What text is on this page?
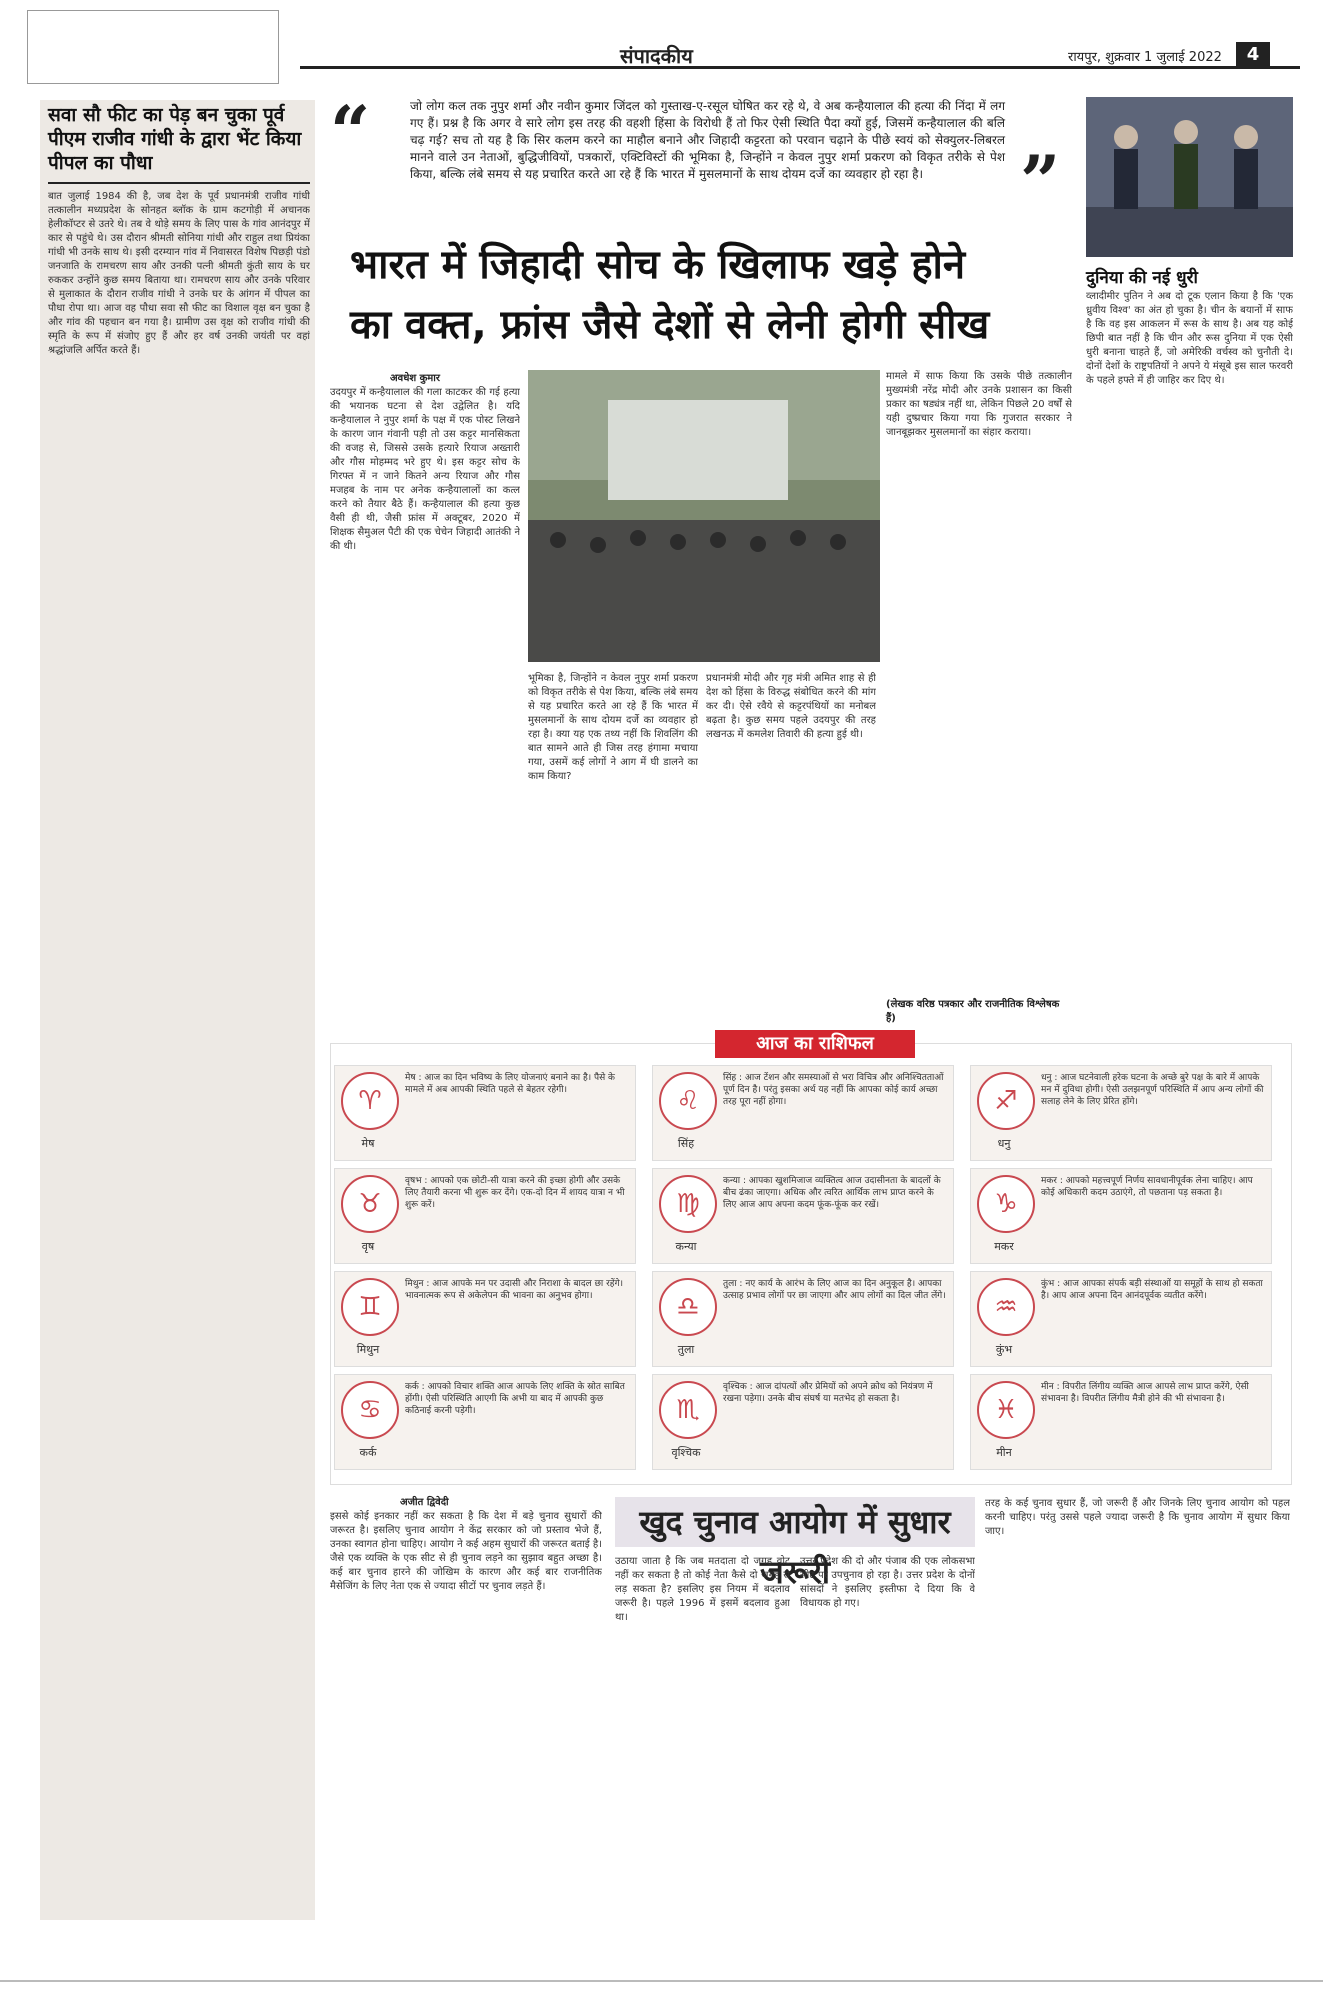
संपादकीय	रायपुर, शुक्रवार 1 जुलाई 2022	4
सवा सौ फीट का पेड़ बन चुका पूर्व पीएम राजीव गांधी के द्वारा भेंट किया पीपल का पौधा
बात जुलाई 1984 की है, जब देश के पूर्व प्रधानमंत्री राजीव गांधी तत्कालीन मध्यप्रदेश के सोनहत ब्लॉक के ग्राम कटगोड़ी में अचानक हेलीकॉप्टर से उतरे थे। तब वे थोड़े समय के लिए पास के गांव आनंदपुर में कार से पहुंचे थे। उस दौरान श्रीमती सोनिया गांधी और राहुल तथा प्रियंका गांधी भी उनके साथ थे। इसी दरम्यान गांव में निवासरत विशेष पिछड़ी पंडो जनजाति के रामचरण साय और उनकी पत्नी श्रीमती कुंती साय के घर रुककर उन्होंने कुछ समय बिताया था। रामचरण साय और उनके परिवार से मुलाकात के दौरान राजीव गांधी ने उनके घर के आंगन में पीपल का पौधा रोपा था। आज वह पौधा सवा सौ फीट का विशाल वृक्ष बन चुका है और गांव की पहचान बन गया है। ग्रामीण उस वृक्ष को राजीव गांधी की स्मृति के रूप में संजोए हुए हैं और हर वर्ष उनकी जयंती पर वहां श्रद्धांजलि अर्पित करते हैं।
“
”
जो लोग कल तक नुपुर शर्मा और नवीन कुमार जिंदल को गुस्ताख-ए-रसूल घोषित कर रहे थे, वे अब कन्हैयालाल की हत्या की निंदा में लग गए हैं। प्रश्न है कि अगर वे सारे लोग इस तरह की वहशी हिंसा के विरोधी हैं तो फिर ऐसी स्थिति पैदा क्यों हुई, जिसमें कन्हैयालाल की बलि चढ़ गई? सच तो यह है कि सिर कलम करने का माहौल बनाने और जिहादी कट्टरता को परवान चढ़ाने के पीछे स्वयं को सेक्युलर-लिबरल मानने वाले उन नेताओं, बुद्धिजीवियों, पत्रकारों, एक्टिविस्टों की भूमिका है, जिन्होंने न केवल नुपुर शर्मा प्रकरण को विकृत तरीके से पेश किया, बल्कि लंबे समय से यह प्रचारित करते आ रहे हैं कि भारत में मुसलमानों के साथ दोयम दर्जे का व्यवहार हो रहा है।
भारत में जिहादी सोच के खिलाफ खड़े होने
का वक्त, फ्रांस जैसे देशों से लेनी होगी सीख
दुनिया की नई धुरी
व्लादीमीर पुतिन ने अब दो टूक एलान किया है कि 'एक ध्रुवीय विश्व' का अंत हो चुका है। चीन के बयानों में साफ है कि वह इस आकलन में रूस के साथ है। अब यह कोई छिपी बात नहीं है कि चीन और रूस दुनिया में एक ऐसी धुरी बनाना चाहते हैं, जो अमेरिकी वर्चस्व को चुनौती दे। दोनों देशों के राष्ट्रपतियों ने अपने ये मंसूबे इस साल फरवरी के पहले हफ्ते में ही जाहिर कर दिए थे।
अवधेश कुमार
उदयपुर में कन्हैयालाल की गला काटकर की गई हत्या की भयानक घटना से देश उद्वेलित है। यदि कन्हैयालाल ने नुपुर शर्मा के पक्ष में एक पोस्ट लिखने के कारण जान गंवानी पड़ी तो उस कट्टर मानसिकता की वजह से, जिससे उसके हत्यारे रियाज अख्तारी और गौस मोहम्मद भरे हुए थे। इस कट्टर सोच के गिरफ्त में न जाने कितने अन्य रियाज और गौस मजहब के नाम पर अनेक कन्हैयालालों का कत्ल करने को तैयार बैठे हैं। कन्हैयालाल की हत्या कुछ वैसी ही थी, जैसी फ्रांस में अक्टूबर, 2020 में शिक्षक सैमुअल पैटी की एक चेचेन जिहादी आतंकी ने की थी।
भूमिका है, जिन्होंने न केवल नुपुर शर्मा प्रकरण को विकृत तरीके से पेश किया, बल्कि लंबे समय से यह प्रचारित करते आ रहे हैं कि भारत में मुसलमानों के साथ दोयम दर्जे का व्यवहार हो रहा है। क्या यह एक तथ्य नहीं कि शिवलिंग की बात सामने आते ही जिस तरह हंगामा मचाया गया, उसमें कई लोगों ने आग में घी डालने का काम किया?
प्रधानमंत्री मोदी और गृह मंत्री अमित शाह से ही देश को हिंसा के विरुद्ध संबोधित करने की मांग कर दी। ऐसे रवैये से कट्टरपंथियों का मनोबल बढ़ता है। कुछ समय पहले उदयपुर की तरह लखनऊ में कमलेश तिवारी की हत्या हुई थी।
मामले में साफ किया कि उसके पीछे तत्कालीन मुख्यमंत्री नरेंद्र मोदी और उनके प्रशासन का किसी प्रकार का षड्यंत्र नहीं था, लेकिन पिछले 20 वर्षों से यही दुष्प्रचार किया गया कि गुजरात सरकार ने जानबूझकर मुसलमानों का संहार कराया।
(लेखक वरिष्ठ पत्रकार और राजनीतिक विश्लेषक हैं)
आज का राशिफल
♈
मेष
मेष : आज का दिन भविष्य के लिए योजनाएं बनाने का है। पैसे के मामले में अब आपकी स्थिति पहले से बेहतर रहेगी।	♌
सिंह
सिंह : आज टेंशन और समस्याओं से भरा विचित्र और अनिश्चितताओं पूर्ण दिन है। परंतु इसका अर्थ यह नहीं कि आपका कोई कार्य अच्छा तरह पूरा नहीं होगा।	♐
धनु
धनु : आज घटनेवाली हरेक घटना के अच्छे बुरे पक्ष के बारे में आपके मन में दुविधा होगी। ऐसी उलझनपूर्ण परिस्थिति में आप अन्य लोगों की सलाह लेने के लिए प्रेरित होंगे।
♉
वृष
वृषभ : आपको एक छोटी-सी यात्रा करने की इच्छा होगी और उसके लिए तैयारी करना भी शुरू कर देंगे। एक-दो दिन में शायद यात्रा न भी शुरू करें।	♍
कन्या
कन्या : आपका खुशमिजाज व्यक्तित्व आज उदासीनता के बादलों के बीच ढंका जाएगा। अधिक और त्वरित आर्थिक लाभ प्राप्त करने के लिए आज आप अपना कदम फूंक-फूंक कर रखें।	♑
मकर
मकर : आपको महत्त्वपूर्ण निर्णय सावधानीपूर्वक लेना चाहिए। आप कोई अधिकारी कदम उठाएंगे, तो पछताना पड़ सकता है।
♊
मिथुन
मिथुन : आज आपके मन पर उदासी और निराशा के बादल छा रहेंगे। भावनात्मक रूप से अकेलेपन की भावना का अनुभव होगा।	♎
तुला
तुला : नए कार्य के आरंभ के लिए आज का दिन अनुकूल है। आपका उत्साह प्रभाव लोगों पर छा जाएगा और आप लोगों का दिल जीत लेंगे।	♒
कुंभ
कुंभ : आज आपका संपर्क बड़ी संस्थाओं या समूहों के साथ हो सकता है। आप आज अपना दिन आनंदपूर्वक व्यतीत करेंगे।
♋
कर्क
कर्क : आपको विचार शक्ति आज आपके लिए शक्ति के स्रोत साबित होंगी। ऐसी परिस्थिति आएगी कि अभी या बाद में आपकी कुछ कठिनाई करनी पड़ेगी।	♏
वृश्चिक
वृश्चिक : आज दांपत्यों और प्रेमियों को अपने क्रोध को नियंत्रण में रखना पड़ेगा। उनके बीच संघर्ष या मतभेद हो सकता है।	♓
मीन
मीन : विपरीत लिंगीय व्यक्ति आज आपसे लाभ प्राप्त करेंगे, ऐसी संभावना है। विपरीत लिंगीय मैत्री होने की भी संभावना है।
अजीत द्विवेदी
इससे कोई इनकार नहीं कर सकता है कि देश में बड़े चुनाव सुधारों की जरूरत है। इसलिए चुनाव आयोग ने केंद्र सरकार को जो प्रस्ताव भेजे हैं, उनका स्वागत होना चाहिए। आयोग ने कई अहम सुधारों की जरूरत बताई है। जैसे एक व्यक्ति के एक सीट से ही चुनाव लड़ने का सुझाव बहुत अच्छा है। कई बार चुनाव हारने की जोखिम के कारण और कई बार राजनीतिक मैसेजिंग के लिए नेता एक से ज्यादा सीटों पर चुनाव लड़ते हैं।
खुद चुनाव आयोग में सुधार जरूरी
उठाया जाता है कि जब मतदाता दो जगह वोट नहीं कर सकता है तो कोई नेता कैसे दो जगह से लड़ सकता है? इसलिए इस नियम में बदलाव जरूरी है। पहले 1996 में इसमें बदलाव हुआ था।
उत्तर प्रदेश की दो और पंजाब की एक लोकसभा सीट पर उपचुनाव हो रहा है। उत्तर प्रदेश के दोनों सांसदों ने इसलिए इस्तीफा दे दिया कि वे विधायक हो गए।
तरह के कई चुनाव सुधार हैं, जो जरूरी हैं और जिनके लिए चुनाव आयोग को पहल करनी चाहिए। परंतु उससे पहले ज्यादा जरूरी है कि चुनाव आयोग में सुधार किया जाए।
